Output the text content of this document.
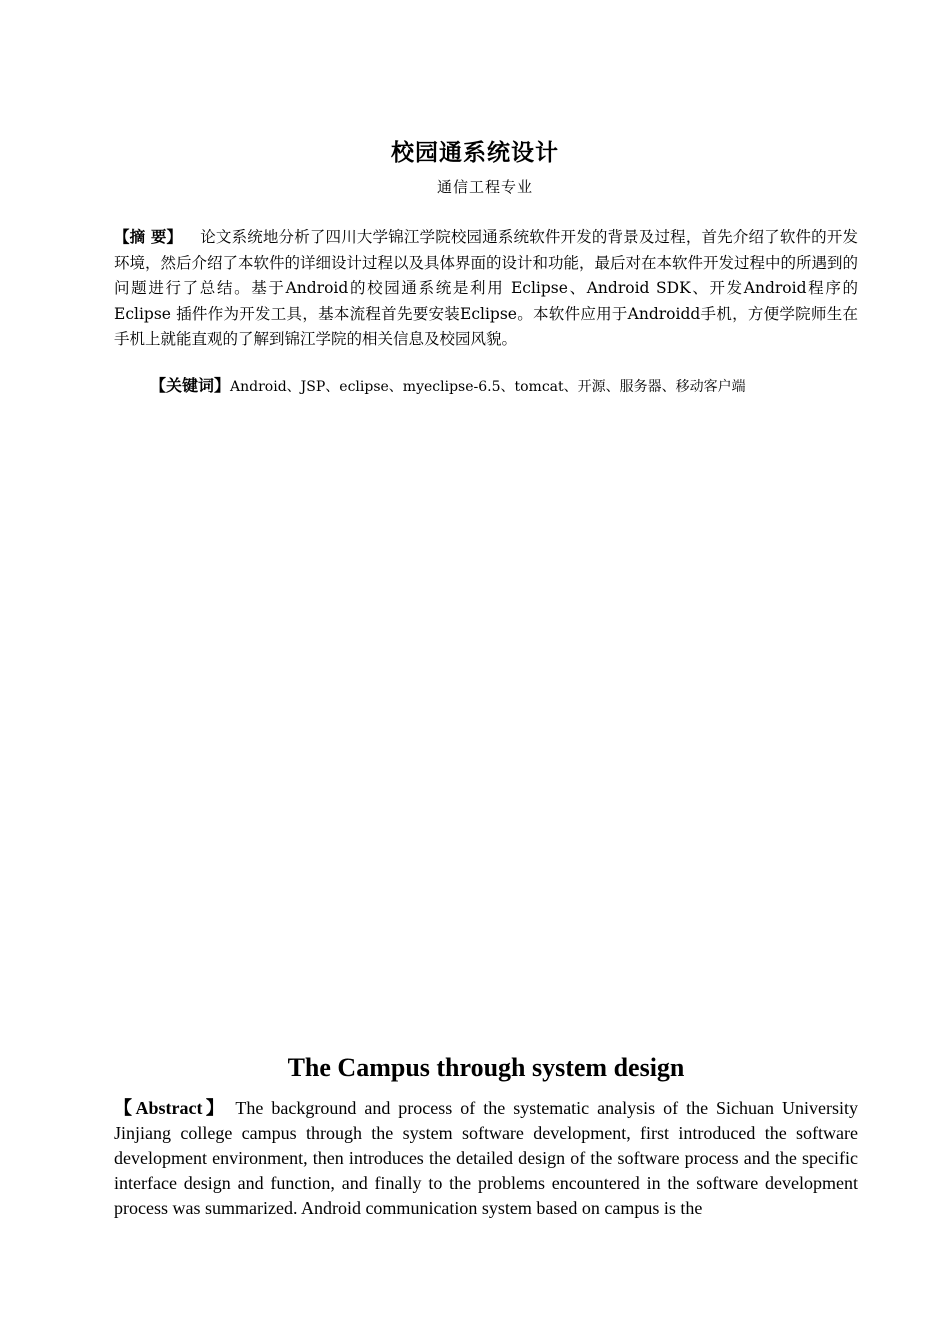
校园通系统设计
通信工程专业
【摘 要】 论文系统地分析了四川大学锦江学院校园通系统软件开发的背景及过程，首先介绍了软件的开发环境，然后介绍了本软件的详细设计过程以及具体界面的设计和功能，最后对在本软件开发过程中的所遇到的问题进行了总结。基于Android的校园通系统是利用 Eclipse、Android SDK、开发Android程序的Eclipse 插件作为开发工具，基本流程首先要安装Eclipse。本软件应用于Androidd手机，方便学院师生在手机上就能直观的了解到锦江学院的相关信息及校园风貌。
【关键词】Android、JSP、eclipse、myeclipse-6.5、tomcat、开源、服务器、移动客户端
The Campus through system design
【Abstract】 The background and process of the systematic analysis of the Sichuan University Jinjiang college campus through the system software development, first introduced the software development environment, then introduces the detailed design of the software process and the specific interface design and function, and finally to the problems encountered in the software development process was summarized. Android communication system based on campus is the
